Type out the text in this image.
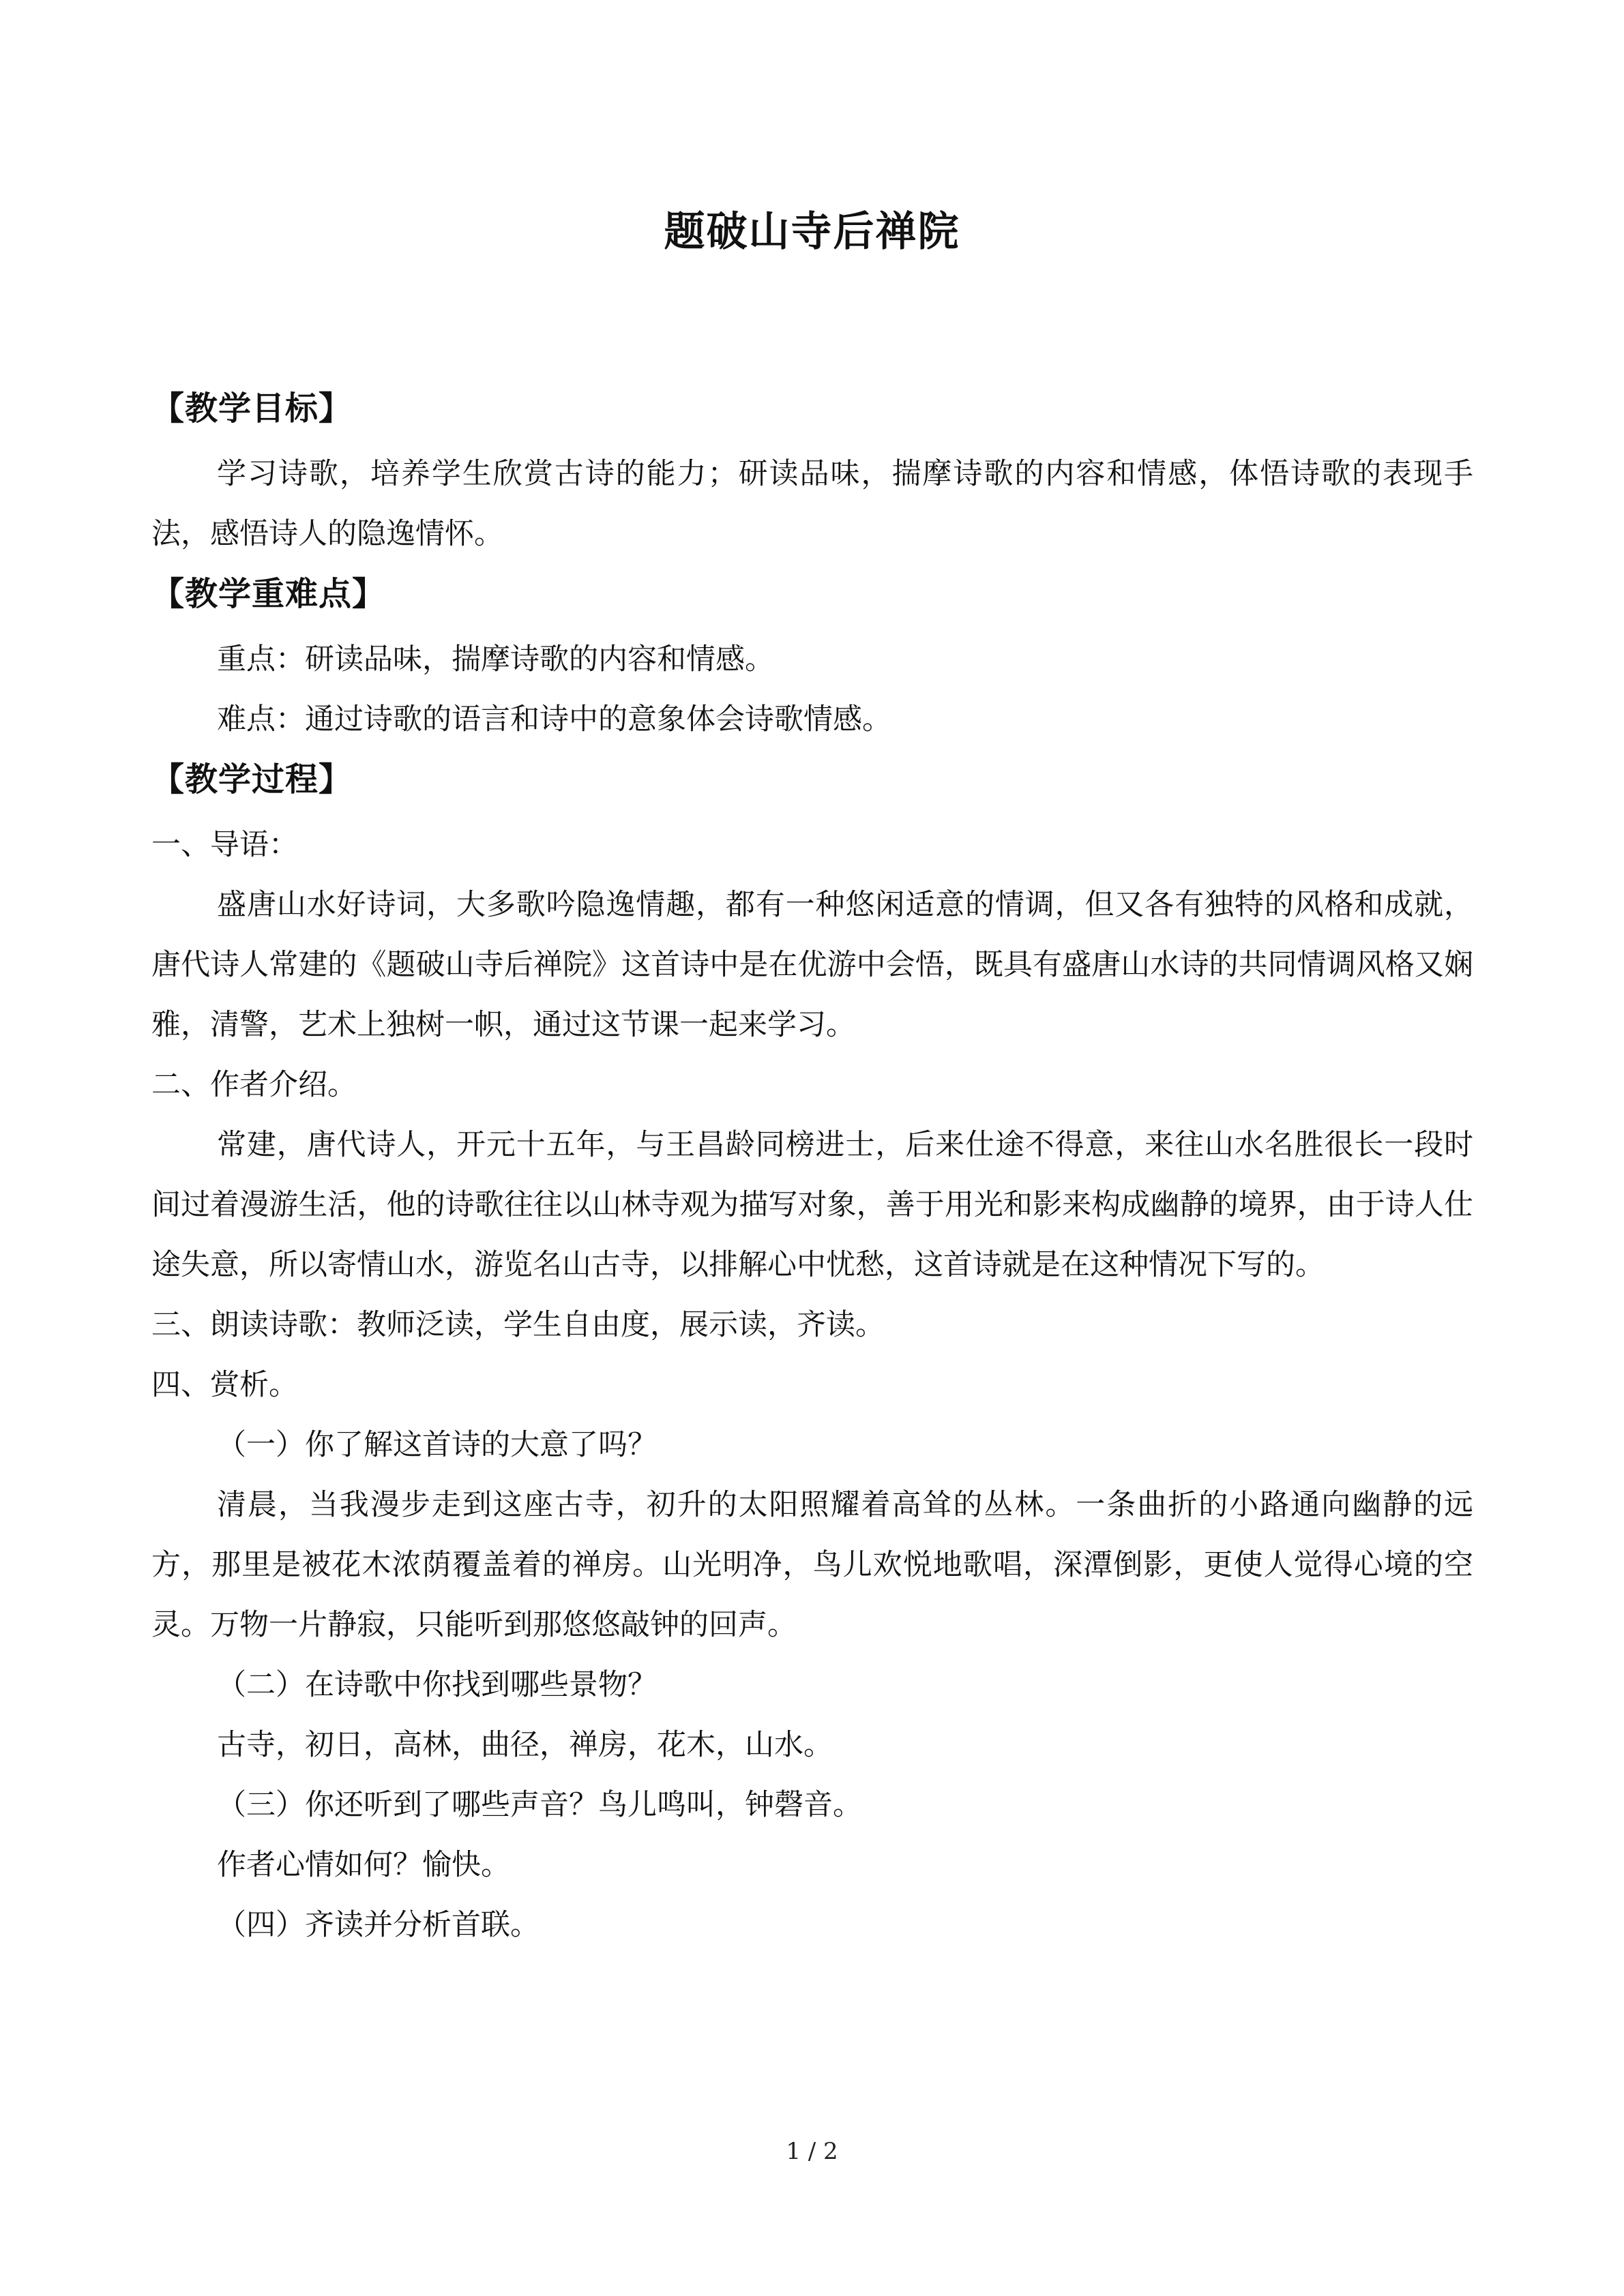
题破山寺后禅院
【教学目标】

学习诗歌，培养学生欣赏古诗的能力；研读品味，揣摩诗歌的内容和情感，体悟诗歌的表现手法，感悟诗人的隐逸情怀。

【教学重难点】

重点：研读品味，揣摩诗歌的内容和情感。

难点：通过诗歌的语言和诗中的意象体会诗歌情感。

【教学过程】

一、导语：

盛唐山水好诗词，大多歌吟隐逸情趣，都有一种悠闲适意的情调，但又各有独特的风格和成就，唐代诗人常建的《题破山寺后禅院》这首诗中是在优游中会悟，既具有盛唐山水诗的共同情调风格又娴雅，清警，艺术上独树一帜，通过这节课一起来学习。

二、作者介绍。

常建，唐代诗人，开元十五年，与王昌龄同榜进士，后来仕途不得意，来往山水名胜很长一段时间过着漫游生活，他的诗歌往往以山林寺观为描写对象，善于用光和影来构成幽静的境界，由于诗人仕途失意，所以寄情山水，游览名山古寺，以排解心中忧愁，这首诗就是在这种情况下写的。

三、朗读诗歌：教师泛读，学生自由度，展示读，齐读。

四、赏析。

（一）你了解这首诗的大意了吗？

清晨，当我漫步走到这座古寺，初升的太阳照耀着高耸的丛林。一条曲折的小路通向幽静的远方，那里是被花木浓荫覆盖着的禅房。山光明净，鸟儿欢悦地歌唱，深潭倒影，更使人觉得心境的空灵。万物一片静寂，只能听到那悠悠敲钟的回声。

（二）在诗歌中你找到哪些景物？

古寺，初日，高林，曲径，禅房，花木，山水。

（三）你还听到了哪些声音？鸟儿鸣叫，钟磬音。

作者心情如何？愉快。

（四）齐读并分析首联。

1 / 2
